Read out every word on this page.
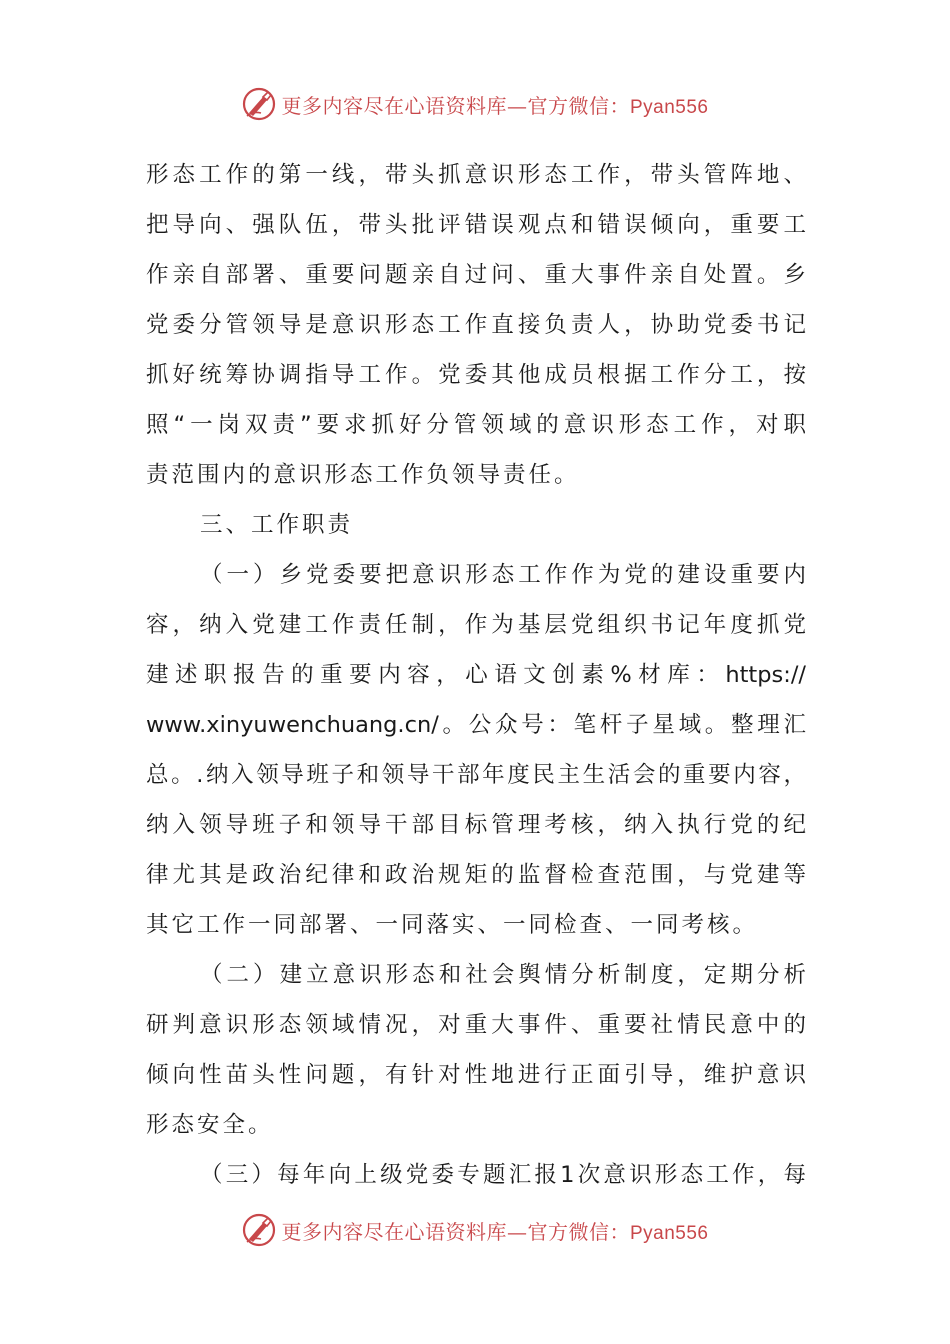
更多内容尽在心语资料库—官方微信：Pyan556
形态工作的第一线，带头抓意识形态工作，带头管阵地、
把导向、强队伍，带头批评错误观点和错误倾向，重要工
作亲自部署、重要问题亲自过问、重大事件亲自处置。乡
党委分管领导是意识形态工作直接负责人，协助党委书记
抓好统筹协调指导工作。党委其他成员根据工作分工，按
照“一岗双责”要求抓好分管领域的意识形态工作，对职
责范围内的意识形态工作负领导责任。
三、工作职责
（一）乡党委要把意识形态工作作为党的建设重要内
容，纳入党建工作责任制，作为基层党组织书记年度抓党
建述职报告的重要内容，心语文创素%材库：https://
www.xinyuwenchuang.cn/。公众号：笔杆子星域。整理汇
总。.纳入领导班子和领导干部年度民主生活会的重要内容，
纳入领导班子和领导干部目标管理考核，纳入执行党的纪
律尤其是政治纪律和政治规矩的监督检查范围，与党建等
其它工作一同部署、一同落实、一同检查、一同考核。
（二）建立意识形态和社会舆情分析制度，定期分析
研判意识形态领域情况，对重大事件、重要社情民意中的
倾向性苗头性问题，有针对性地进行正面引导，维护意识
形态安全。
（三）每年向上级党委专题汇报1次意识形态工作，每
更多内容尽在心语资料库—官方微信：Pyan556
